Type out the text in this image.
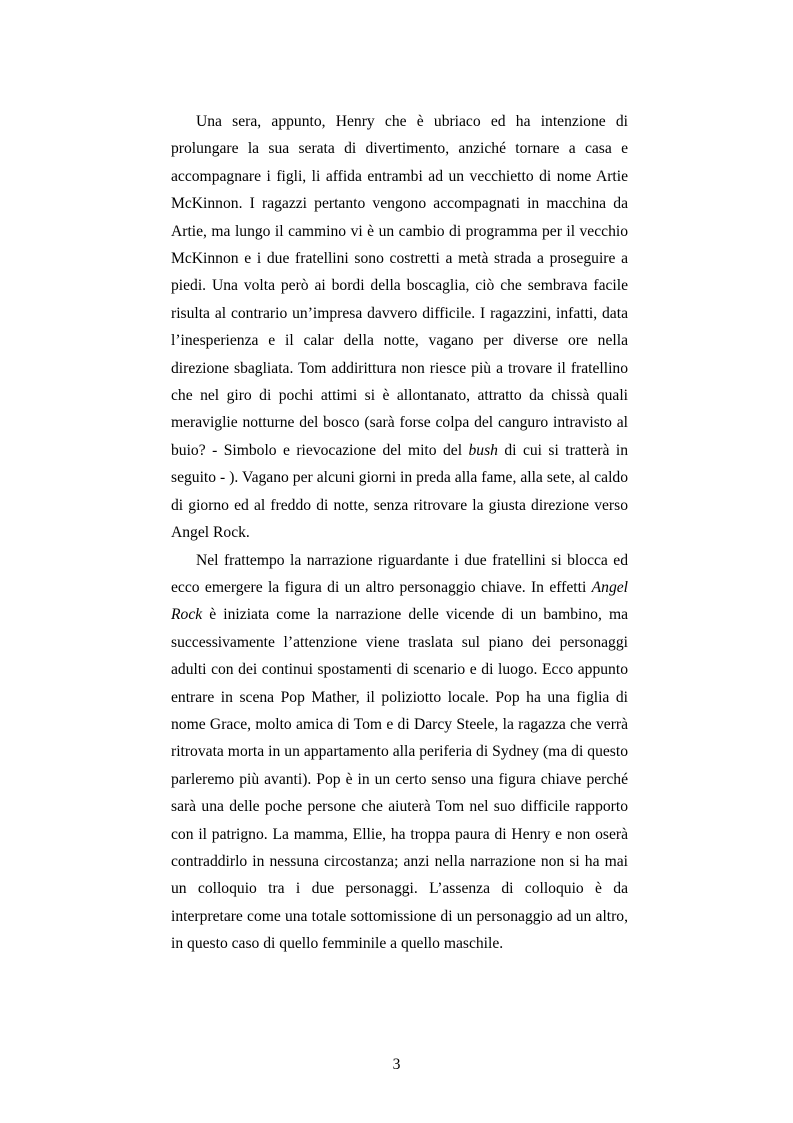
Una sera, appunto, Henry che è ubriaco ed ha intenzione di prolungare la sua serata di divertimento, anziché tornare a casa e accompagnare i figli, li affida entrambi ad un vecchietto di nome Artie McKinnon. I ragazzi pertanto vengono accompagnati in macchina da Artie, ma lungo il cammino vi è un cambio di programma per il vecchio McKinnon e i due fratellini sono costretti a metà strada a proseguire a piedi. Una volta però ai bordi della boscaglia, ciò che sembrava facile risulta al contrario un’impresa davvero difficile. I ragazzini, infatti, data l’inesperienza e il calar della notte, vagano per diverse ore nella direzione sbagliata. Tom addirittura non riesce più a trovare il fratellino che nel giro di pochi attimi si è allontanato, attratto da chissà quali meraviglie notturne del bosco (sarà forse colpa del canguro intravisto al buio? - Simbolo e rievocazione del mito del bush di cui si tratterà in seguito - ). Vagano per alcuni giorni in preda alla fame, alla sete, al caldo di giorno ed al freddo di notte, senza ritrovare la giusta direzione verso Angel Rock.

Nel frattempo la narrazione riguardante i due fratellini si blocca ed ecco emergere la figura di un altro personaggio chiave. In effetti Angel Rock è iniziata come la narrazione delle vicende di un bambino, ma successivamente l’attenzione viene traslata sul piano dei personaggi adulti con dei continui spostamenti di scenario e di luogo. Ecco appunto entrare in scena Pop Mather, il poliziotto locale. Pop ha una figlia di nome Grace, molto amica di Tom e di Darcy Steele, la ragazza che verrà ritrovata morta in un appartamento alla periferia di Sydney (ma di questo parleremo più avanti). Pop è in un certo senso una figura chiave perché sarà una delle poche persone che aiuterà Tom nel suo difficile rapporto con il patrigno. La mamma, Ellie, ha troppa paura di Henry e non oserà contraddirlo in nessuna circostanza; anzi nella narrazione non si ha mai un colloquio tra i due personaggi. L’assenza di colloquio è da interpretare come una totale sottomissione di un personaggio ad un altro, in questo caso di quello femminile a quello maschile.

3
